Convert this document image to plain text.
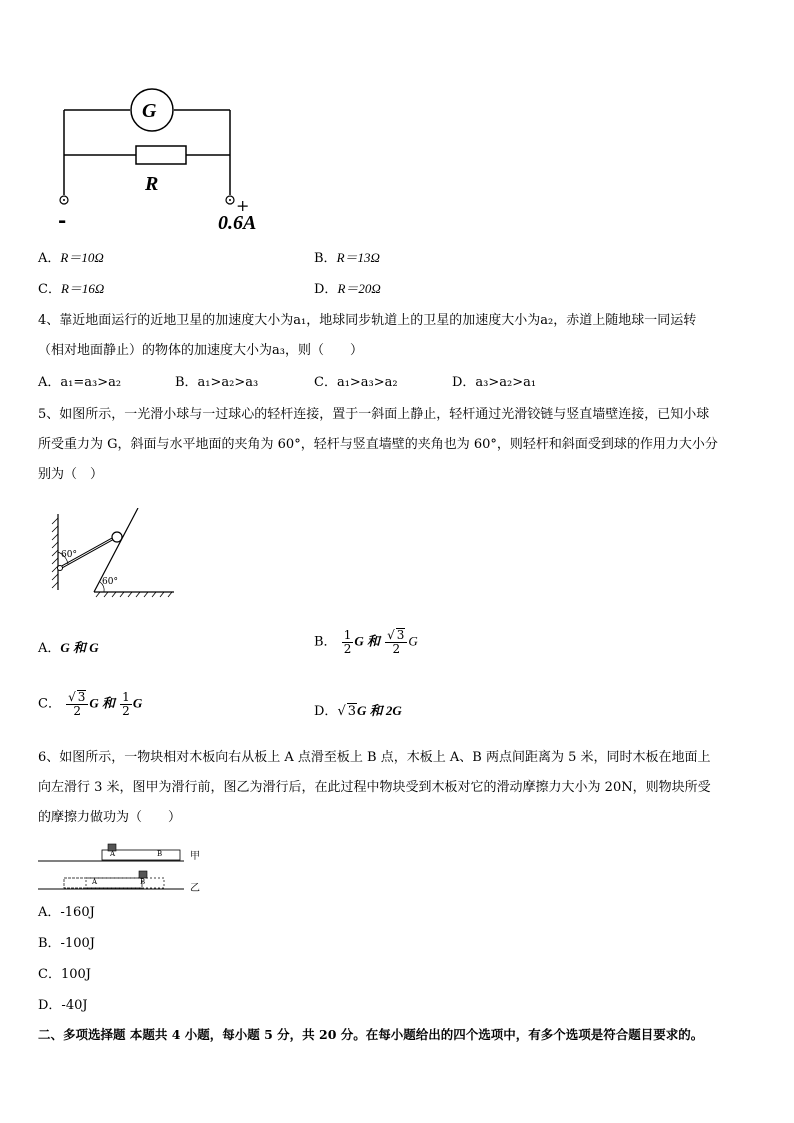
G
R
-
+
0.6A
A．R＝10Ω	B．R＝13Ω
C．R＝16Ω	D．R＝20Ω
4、靠近地面运行的近地卫星的加速度大小为a₁，地球同步轨道上的卫星的加速度大小为a₂，赤道上随地球一同运转
（相对地面静止）的物体的加速度大小为a₃，则（　　）
A．a₁=a₃>a₂	B．a₁>a₂>a₃	C．a₁>a₃>a₂	D．a₃>a₂>a₁
5、如图所示，一光滑小球与一过球心的轻杆连接，置于一斜面上静止，轻杆通过光滑铰链与竖直墙壁连接，已知小球
所受重力为 G，斜面与水平地面的夹角为 60°，轻杆与竖直墙壁的夹角也为 60°，则轻杆和斜面受到球的作用力大小分
别为（　）
60°
60°
A．G 和 G	B． $\frac{1}{2}$ G 和 $\frac{√ 3}{2}$ G
C． $\frac{√ 3}{2}$ G 和 $\frac{1}{2}$ G
D．√ 3G 和 2G
6、如图所示，一物块相对木板向右从板上 A 点滑至板上 B 点，木板上 A、B 两点间距离为 5 米，同时木板在地面上
向左滑行 3 米，图甲为滑行前，图乙为滑行后，在此过程中物块受到木板对它的滑动摩擦力大小为 20N，则物块所受
的摩擦力做功为（　　）
A	B	甲
A	B
乙
A．-160J
B．-100J
C．100J
D．-40J
二、多项选择题 本题共 4 小题，每小题 5 分，共 20 分。在每小题给出的四个选项中，有多个选项是符合题目要求的。
